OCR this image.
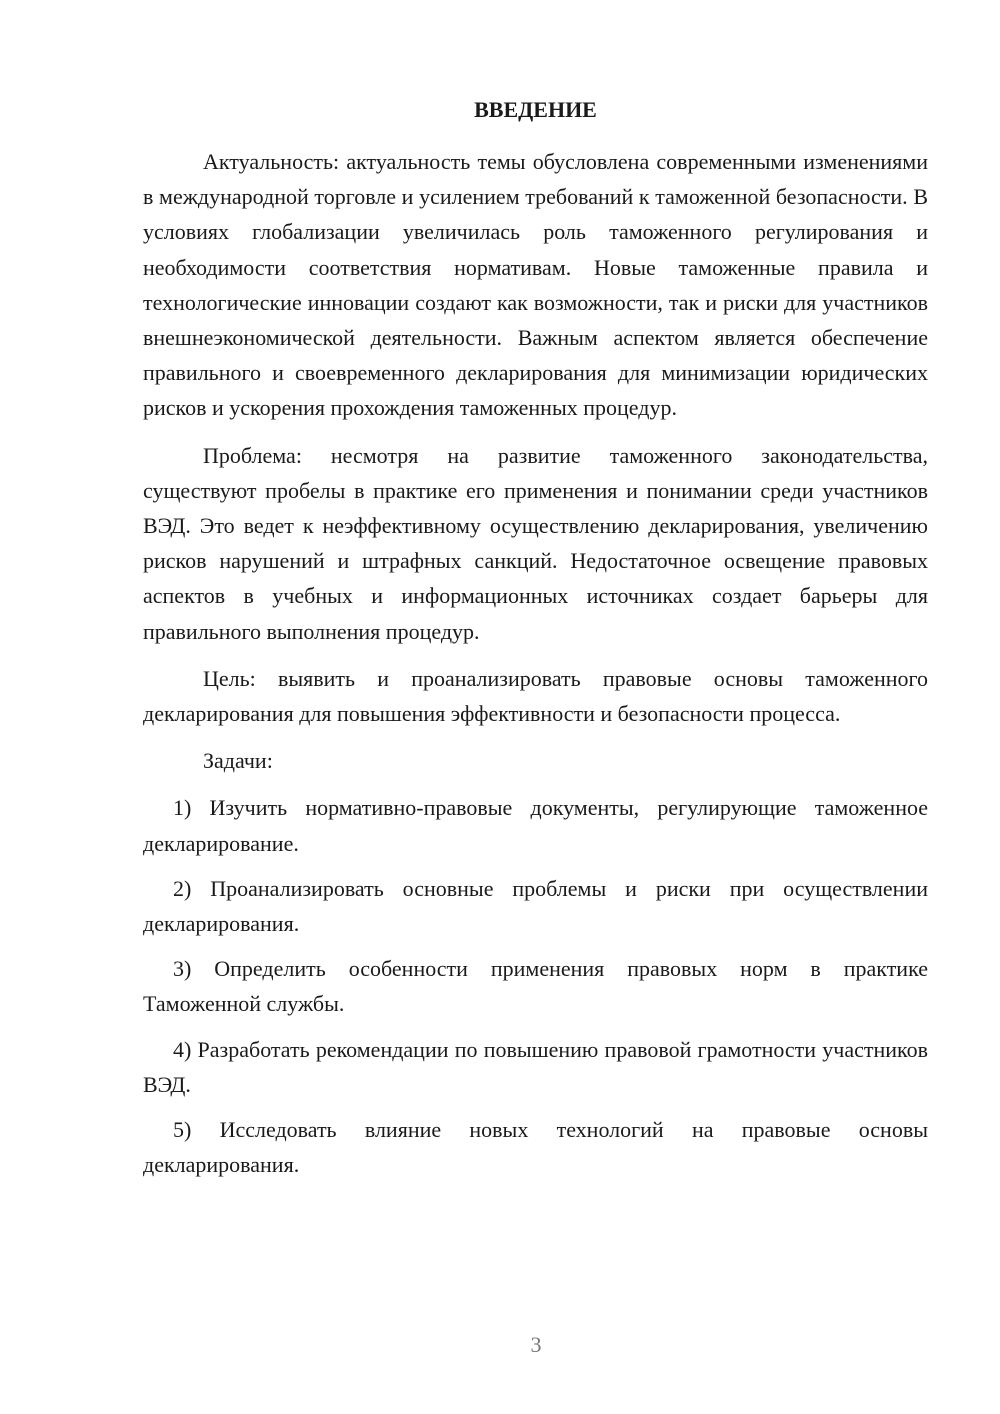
ВВЕДЕНИЕ

Актуальность: актуальность темы обусловлена современными изменениями в международной торговле и усилением требований к таможенной безопасности. В условиях глобализации увеличилась роль таможенного регулирования и необходимости соответствия нормативам. Новые таможенные правила и технологические инновации создают как возможности, так и риски для участников внешнеэкономической деятельности. Важным аспектом является обеспечение правильного и своевременного декларирования для минимизации юридических рисков и ускорения прохождения таможенных процедур.

Проблема: несмотря на развитие таможенного законодательства, существуют пробелы в практике его применения и понимании среди участников ВЭД. Это ведет к неэффективному осуществлению декларирования, увеличению рисков нарушений и штрафных санкций. Недостаточное освещение правовых аспектов в учебных и информационных источниках создает барьеры для правильного выполнения процедур.

Цель: выявить и проанализировать правовые основы таможенного декларирования для повышения эффективности и безопасности процесса.

Задачи:

1) Изучить нормативно-правовые документы, регулирующие таможенное декларирование.

2) Проанализировать основные проблемы и риски при осуществлении декларирования.

3) Определить особенности применения правовых норм в практике Таможенной службы.

4) Разработать рекомендации по повышению правовой грамотности участников ВЭД.

5) Исследовать влияние новых технологий на правовые основы декларирования.

3
